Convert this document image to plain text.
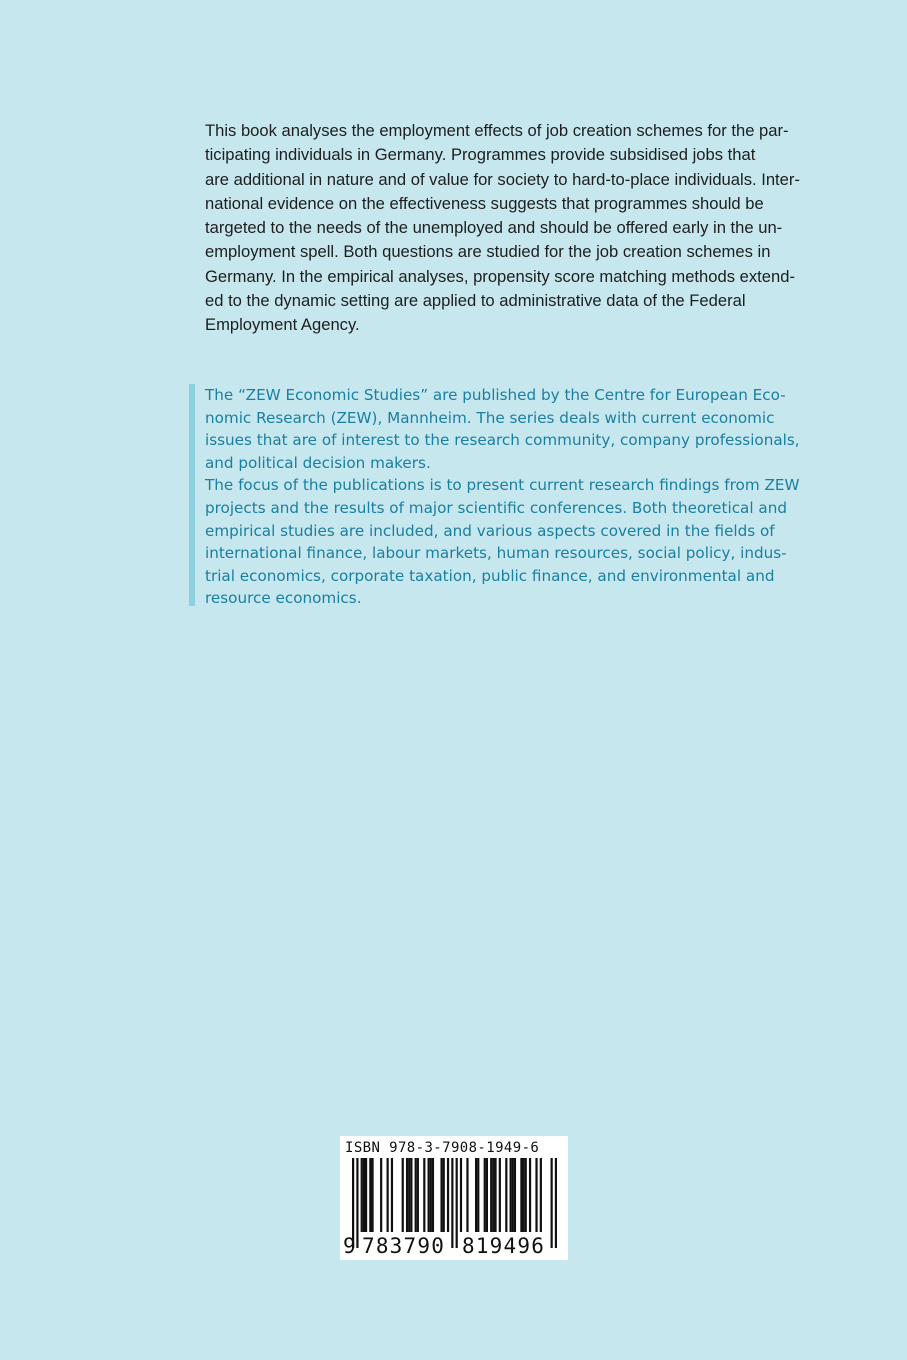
This book analyses the employment effects of job creation schemes for the par-

ticipating individuals in Germany. Programmes provide subsidised jobs that

are additional in nature and of value for society to hard-to-place individuals. Inter-

national evidence on the effectiveness suggests that programmes should be

targeted to the needs of the unemployed and should be offered early in the un-

employment spell. Both questions are studied for the job creation schemes in

Germany. In the empirical analyses, propensity score matching methods extend-

ed to the dynamic setting are applied to administrative data of the Federal

Employment Agency.

The “ZEW Economic Studies” are published by the Centre for European Eco-

nomic Research (ZEW), Mannheim. The series deals with current economic

issues that are of interest to the research community, company professionals,

and political decision makers.

The focus of the publications is to present current research findings from ZEW

projects and the results of major scientific conferences. Both theoretical and

empirical studies are included, and various aspects covered in the fields of

international finance, labour markets, human resources, social policy, indus-

trial economics, corporate taxation, public finance, and environmental and

resource economics.

ISBN 978-3-7908-1949-6
9 783790 819496
